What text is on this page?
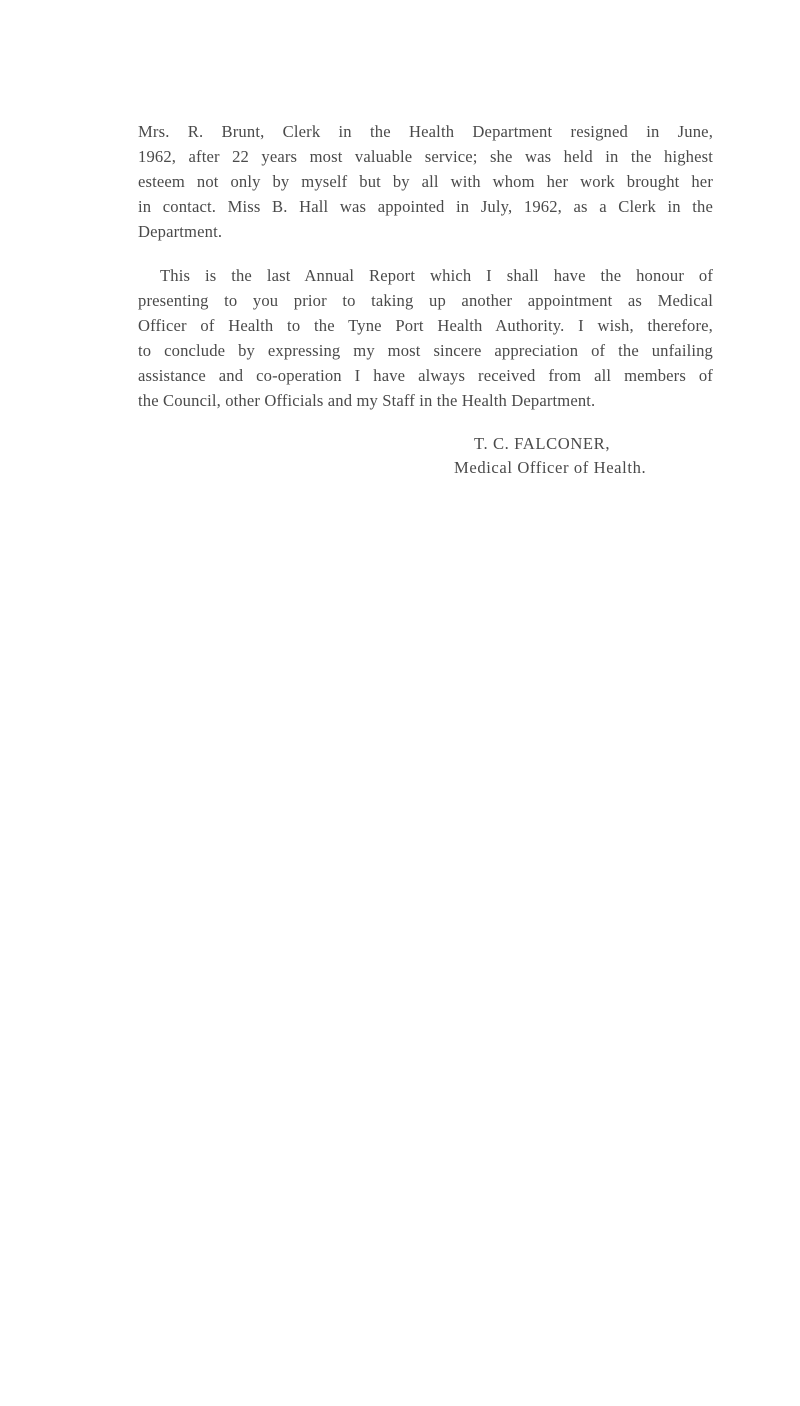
Mrs. R. Brunt, Clerk in the Health Department resigned in June,
1962, after 22 years most valuable service; she was held in the highest
esteem not only by myself but by all with whom her work brought her
in contact. Miss B. Hall was appointed in July, 1962, as a Clerk in the
Department.
This is the last Annual Report which I shall have the honour of
presenting to you prior to taking up another appointment as Medical
Officer of Health to the Tyne Port Health Authority. I wish, therefore,
to conclude by expressing my most sincere appreciation of the unfailing
assistance and co-operation I have always received from all members of
the Council, other Officials and my Staff in the Health Department.
T. C. FALCONER,
Medical Officer of Health.
